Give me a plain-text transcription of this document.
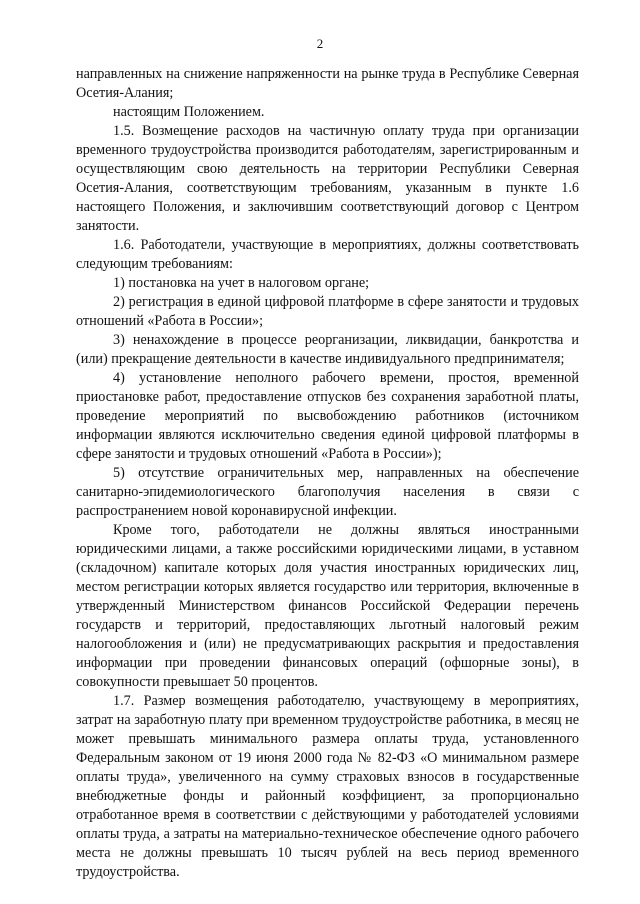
2

направленных на снижение напряженности на рынке труда в Республике Северная Осетия-Алания;

настоящим Положением.

1.5. Возмещение расходов на частичную оплату труда при организации временного трудоустройства производится работодателям, зарегистрированным и осуществляющим свою деятельность на территории Республики Северная Осетия-Алания, соответствующим требованиям, указанным в пункте 1.6 настоящего Положения, и заключившим соответствующий договор с Центром занятости.

1.6. Работодатели, участвующие в мероприятиях, должны соответствовать следующим требованиям:

1) постановка на учет в налоговом органе;

2) регистрация в единой цифровой платформе в сфере занятости и трудовых отношений «Работа в России»;

3) ненахождение в процессе реорганизации, ликвидации, банкротства и (или) прекращение деятельности в качестве индивидуального предпринимателя;

4) установление неполного рабочего времени, простоя, временной приостановке работ, предоставление отпусков без сохранения заработной платы, проведение мероприятий по высвобождению работников (источником информации являются исключительно сведения единой цифровой платформы в сфере занятости и трудовых отношений «Работа в России»);

5) отсутствие ограничительных мер, направленных на обеспечение санитарно-эпидемиологического благополучия населения в связи с распространением новой коронавирусной инфекции.

Кроме того, работодатели не должны являться иностранными юридическими лицами, а также российскими юридическими лицами, в уставном (складочном) капитале которых доля участия иностранных юридических лиц, местом регистрации которых является государство или территория, включенные в утвержденный Министерством финансов Российской Федерации перечень государств и территорий, предоставляющих льготный налоговый режим налогообложения и (или) не предусматривающих раскрытия и предоставления информации при проведении финансовых операций (офшорные зоны), в совокупности превышает 50 процентов.

1.7. Размер возмещения работодателю, участвующему в мероприятиях, затрат на заработную плату при временном трудоустройстве работника, в месяц не может превышать минимального размера оплаты труда, установленного Федеральным законом от 19 июня 2000 года № 82-ФЗ «О минимальном размере оплаты труда», увеличенного на сумму страховых взносов в государственные внебюджетные фонды и районный коэффициент, за пропорционально отработанное время в соответствии с действующими у работодателей условиями оплаты труда, а затраты на материально-техническое обеспечение одного рабочего места не должны превышать 10 тысяч рублей на весь период временного трудоустройства.
